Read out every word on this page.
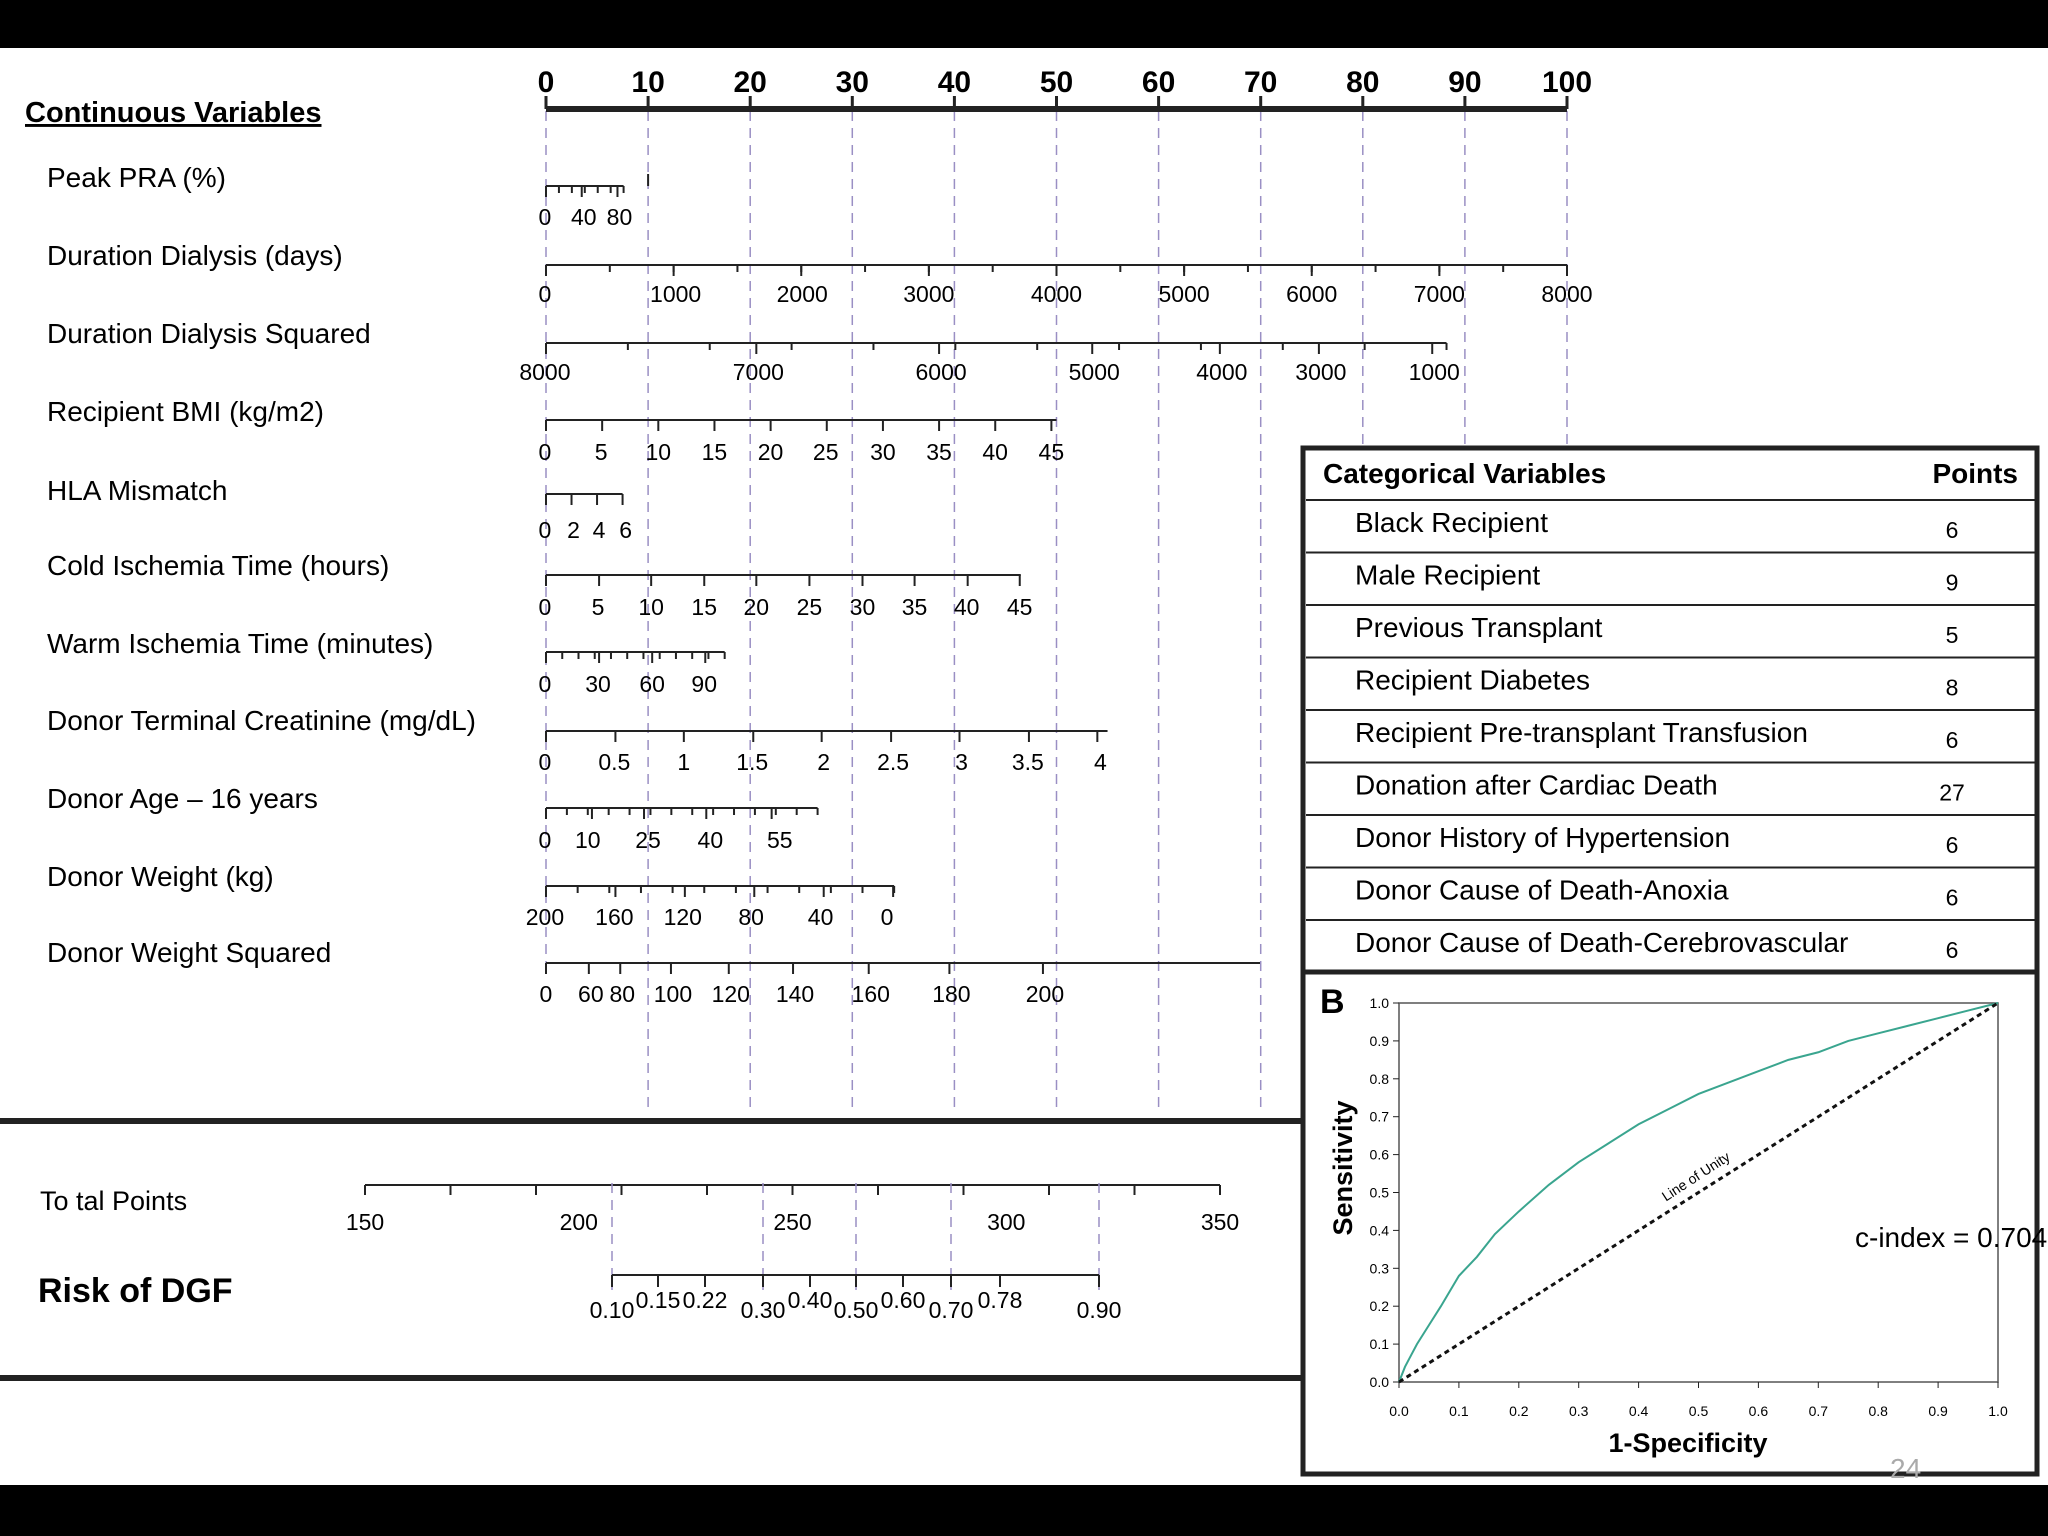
0	10 20 30 40 50 60 70 80 90 100
Continuous Variables
Peak PRA (%)
0 40 80
Duration Dialysis (days)
0	1000	2000	3000	4000	5000	6000	7000	8000
Duration Dialysis Squared
8000	7000	6000	5000	4000 3000	1000
Recipient BMI (kg/m2)
0 5 10 15 20 25 30 35 40 45
HLA Mismatch
0 2 4 6
Cold Ischemia Time (hours)
0 5 10 15 20 25 30 35 40 45
Warm Ischemia Time (minutes)
0 30 60 90
Donor Terminal Creatinine (mg/dL)
0 0.5 1 1.5 2 2.5 3 3.5 4
Donor Age – 16 years
0 10 25 40 55
Donor Weight (kg)
200 160 120 80 40 0
Donor Weight Squared
0 60 80 100 120 140 160 180 200
To tal Points
Risk of DGF
150	200	250	300	350
0.10 0.15 0.22 0.30 0.40 0.50 0.60 0.70 0.78 0.90
Categorical Variables	Points
Black Recipient	6
Male Recipient	9
Previous Transplant	5
Recipient Diabetes	8
Recipient Pre-transplant Transfusion	6
Donation after Cardiac Death	27
Donor History of Hypertension	6
Donor Cause of Death-Anoxia	6
Donor Cause of Death-Cerebrovascular	6
B
0.0	0.1	0.2	0.3	0.4	0.5	0.6	0.7	0.8	0.9	1.0
0.0
0.1
0.2
0.3
0.4
0.5
0.6
0.7
0.8
0.9
1.0
Line of Unity
c-index = 0.704
1-Specificity
Sensitivity
24
